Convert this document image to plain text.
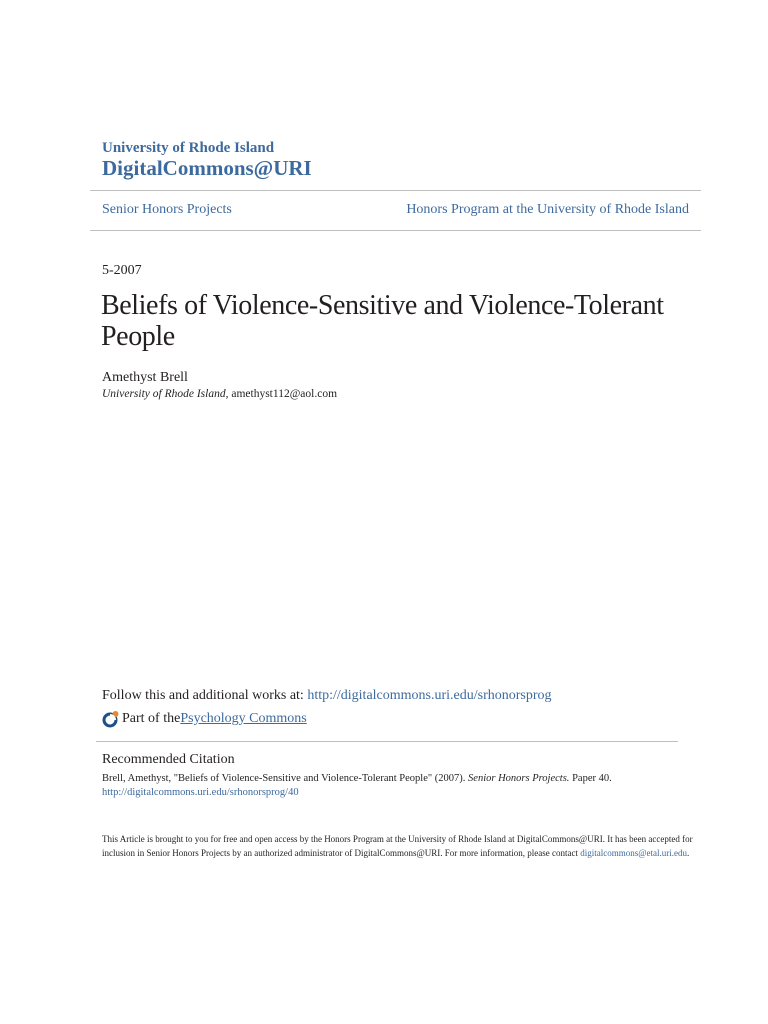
University of Rhode Island
DigitalCommons@URI
Senior Honors Projects	Honors Program at the University of Rhode Island
5-2007
Beliefs of Violence-Sensitive and Violence-Tolerant People
Amethyst Brell
University of Rhode Island, amethyst112@aol.com
Follow this and additional works at: http://digitalcommons.uri.edu/srhonorsprog
Part of the Psychology Commons
Recommended Citation
Brell, Amethyst, "Beliefs of Violence-Sensitive and Violence-Tolerant People" (2007). Senior Honors Projects. Paper 40.
http://digitalcommons.uri.edu/srhonorsprog/40
This Article is brought to you for free and open access by the Honors Program at the University of Rhode Island at DigitalCommons@URI. It has been accepted for inclusion in Senior Honors Projects by an authorized administrator of DigitalCommons@URI. For more information, please contact digitalcommons@etal.uri.edu.
